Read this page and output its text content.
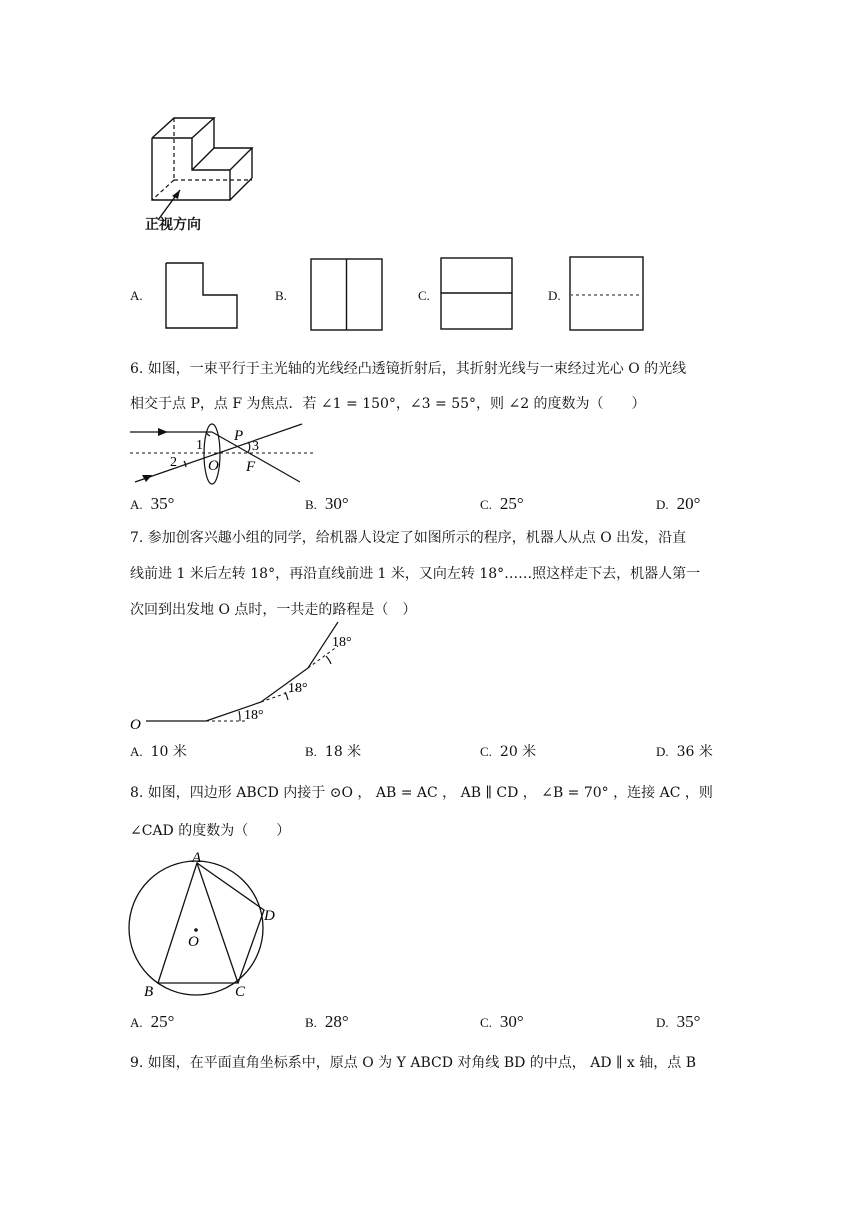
正视方向
A.	B.	C.	D.
6. 如图，一束平行于主光轴的光线经凸透镜折射后，其折射光线与一束经过光心 O 的光线
相交于点 P，点 F 为焦点．若 ∠1 = 150°，∠3 = 55°，则 ∠2 的度数为（　　）
1
2
3
O
P
F
A. 35°	B. 30°	C. 25°	D. 20°
7. 参加创客兴趣小组的同学，给机器人设定了如图所示的程序，机器人从点 O 出发，沿直
线前进 1 米后左转 18°，再沿直线前进 1 米，又向左转 18°……照这样走下去，机器人第一
次回到出发地 O 点时，一共走的路程是（　）
O
18°
18°
18°
A. 10 米	B. 18 米	C. 20 米	D. 36 米
8. 如图，四边形 ABCD 内接于 ⊙O ， AB = AC ， AB ∥ CD ， ∠B = 70° ，连接 AC ，则
∠CAD 的度数为（　　）
A
B	C
D
O
A. 25°	B. 28°	C. 30°	D. 35°
9. 如图，在平面直角坐标系中，原点 O 为 Y ABCD 对角线 BD 的中点， AD ∥ x 轴，点 B
